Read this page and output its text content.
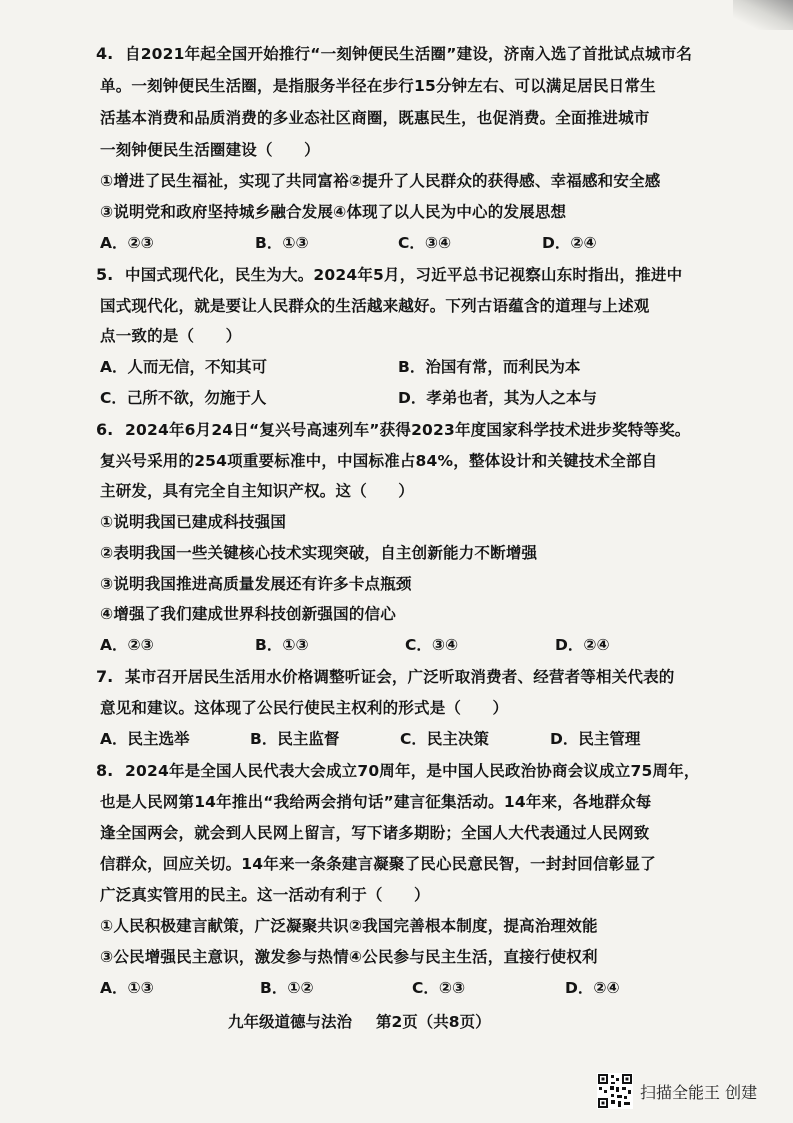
4. 自2021年起全国开始推行“一刻钟便民生活圈”建设，济南入选了首批试点城市名
单。一刻钟便民生活圈，是指服务半径在步行15分钟左右、可以满足居民日常生
活基本消费和品质消费的多业态社区商圈，既惠民生，也促消费。全面推进城市
一刻钟便民生活圈建设（　　）
①增进了民生福祉，实现了共同富裕②提升了人民群众的获得感、幸福感和安全感
③说明党和政府坚持城乡融合发展④体现了以人民为中心的发展思想
A．②③	B．①③	C．③④	D．②④
5. 中国式现代化，民生为大。2024年5月，习近平总书记视察山东时指出，推进中
国式现代化，就是要让人民群众的生活越来越好。下列古语蕴含的道理与上述观
点一致的是（　　）
A．人而无信，不知其可	B．治国有常，而利民为本
C．己所不欲，勿施于人	D．孝弟也者，其为人之本与
6. 2024年6月24日“复兴号高速列车”获得2023年度国家科学技术进步奖特等奖。
复兴号采用的254项重要标准中，中国标准占84%，整体设计和关键技术全部自
主研发，具有完全自主知识产权。这（　　）
①说明我国已建成科技强国
②表明我国一些关键核心技术实现突破，自主创新能力不断增强
③说明我国推进高质量发展还有许多卡点瓶颈
④增强了我们建成世界科技创新强国的信心
A．②③	B．①③	C．③④	D．②④
7. 某市召开居民生活用水价格调整听证会，广泛听取消费者、经营者等相关代表的
意见和建议。这体现了公民行使民主权利的形式是（　　）
A．民主选举	B．民主监督	C．民主决策	D．民主管理
8. 2024年是全国人民代表大会成立70周年，是中国人民政治协商会议成立75周年，
也是人民网第14年推出“我给两会捎句话”建言征集活动。14年来，各地群众每
逢全国两会，就会到人民网上留言，写下诸多期盼；全国人大代表通过人民网致
信群众，回应关切。14年来一条条建言凝聚了民心民意民智，一封封回信彰显了
广泛真实管用的民主。这一活动有利于（　　）
①人民积极建言献策，广泛凝聚共识②我国完善根本制度，提高治理效能
③公民增强民主意识，激发参与热情④公民参与民主生活，直接行使权利
A．①③	B．①②	C．②③	D．②④
九年级道德与法治 第2页（共8页）
扫描全能王 创建
